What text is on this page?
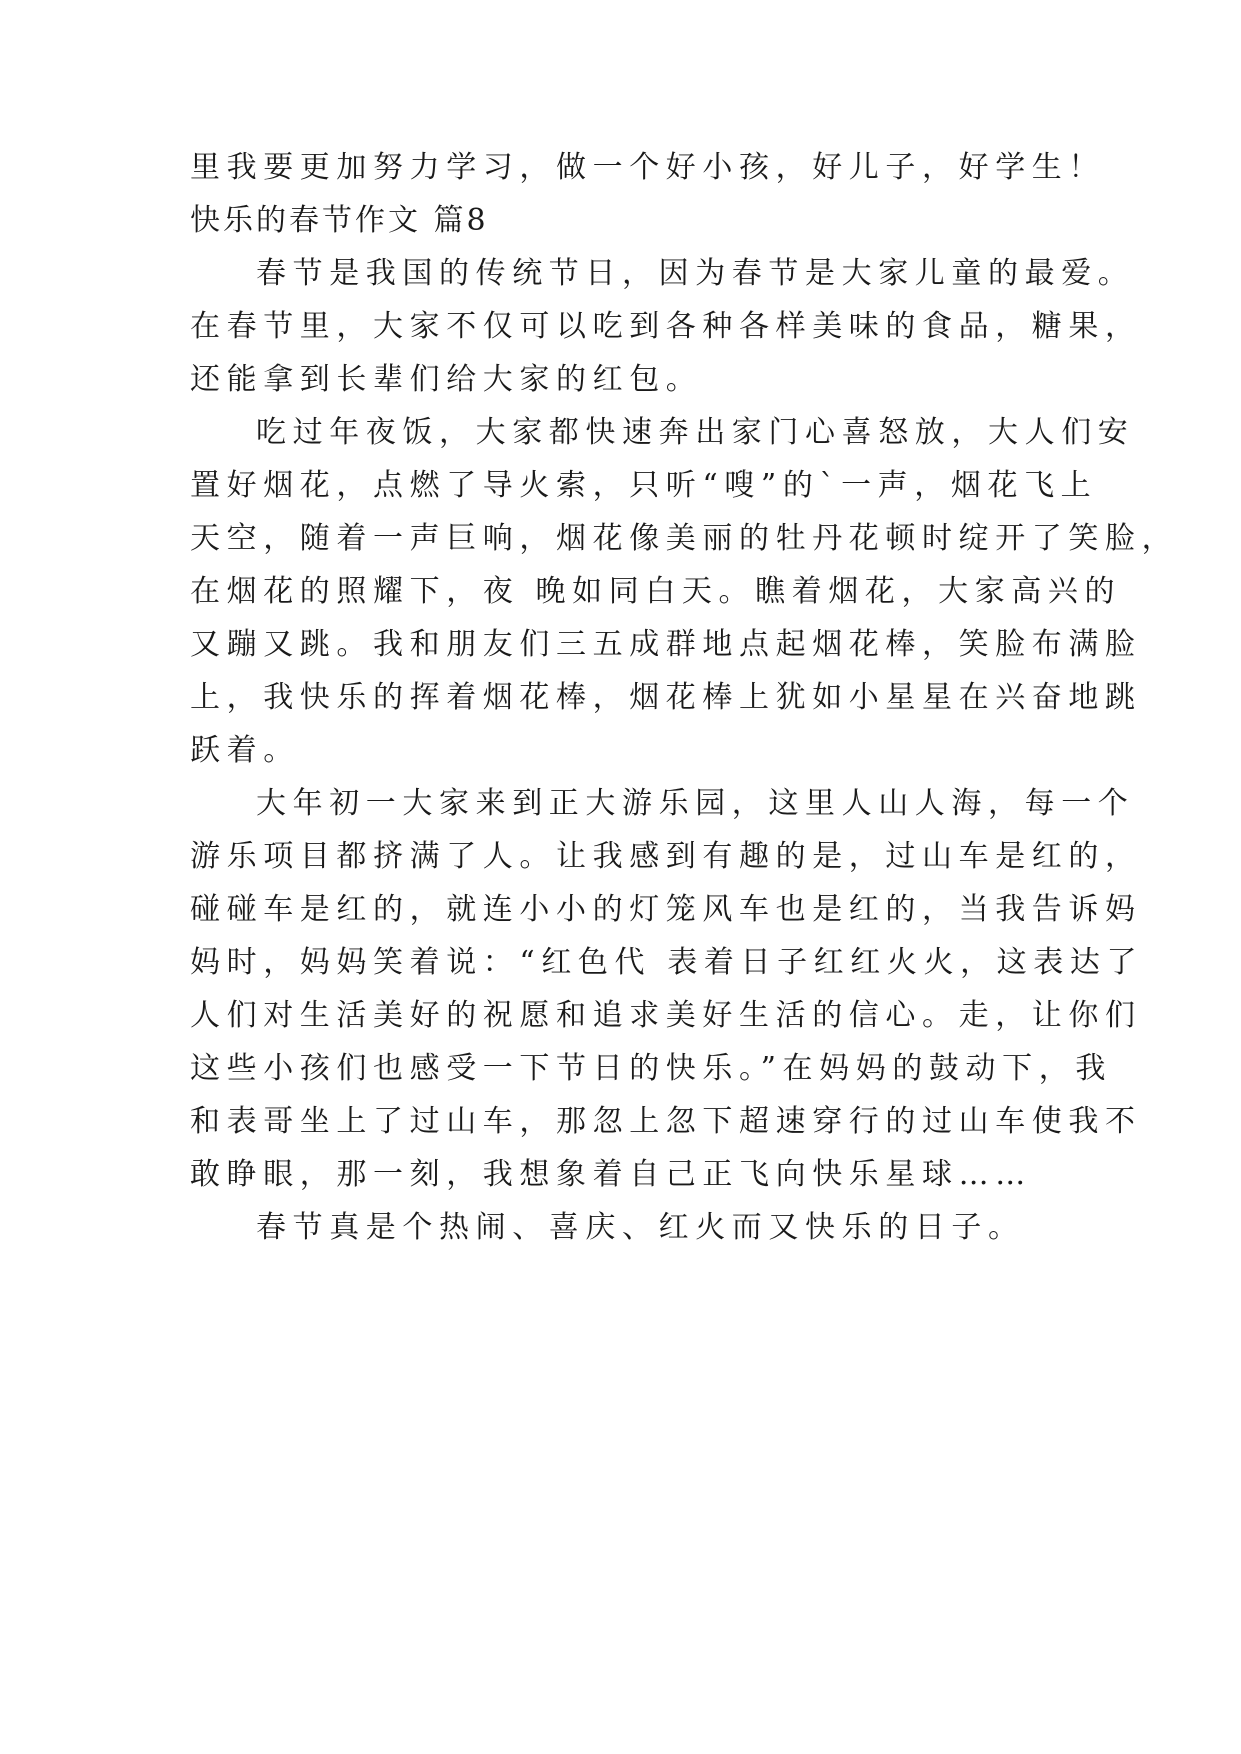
里我要更加努力学习，做一个好小孩，好儿子，好学生！
快乐的春节作文 篇8
春节是我国的传统节日，因为春节是大家儿童的最爱。
在春节里，大家不仅可以吃到各种各样美味的食品，糖果，
还能拿到长辈们给大家的红包。
吃过年夜饭，大家都快速奔出家门心喜怒放，大人们安
置好烟花，点燃了导火索，只听“嗖”的`一声，烟花飞上
天空，随着一声巨响，烟花像美丽的牡丹花顿时绽开了笑脸，
在烟花的照耀下，夜 晚如同白天。瞧着烟花，大家高兴的
又蹦又跳。我和朋友们三五成群地点起烟花棒，笑脸布满脸
上，我快乐的挥着烟花棒，烟花棒上犹如小星星在兴奋地跳
跃着。
大年初一大家来到正大游乐园，这里人山人海，每一个
游乐项目都挤满了人。让我感到有趣的是，过山车是红的，
碰碰车是红的，就连小小的灯笼风车也是红的，当我告诉妈
妈时，妈妈笑着说：“红色代 表着日子红红火火，这表达了
人们对生活美好的祝愿和追求美好生活的信心。走，让你们
这些小孩们也感受一下节日的快乐。”在妈妈的鼓动下，我
和表哥坐上了过山车，那忽上忽下超速穿行的过山车使我不
敢睁眼，那一刻，我想象着自己正飞向快乐星球……
春节真是个热闹、喜庆、红火而又快乐的日子。
